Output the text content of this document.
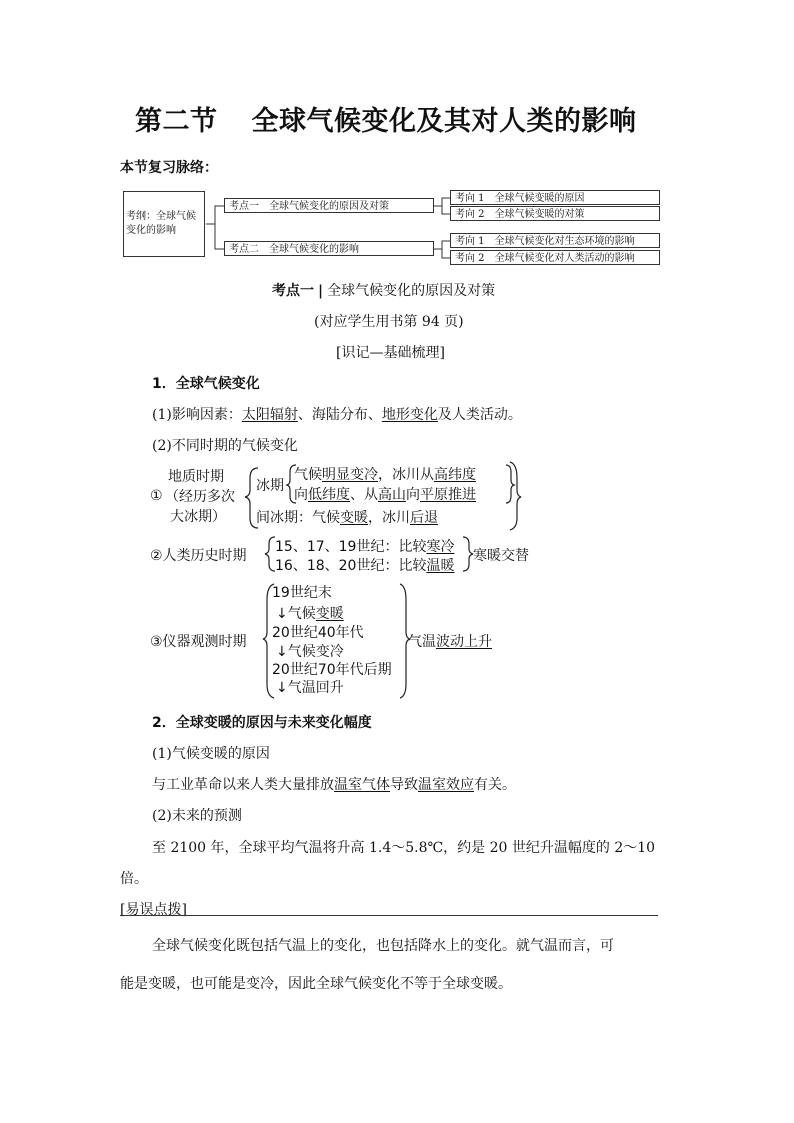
第二节 全球气候变化及其对人类的影响
本节复习脉络：
考纲：全球气候
变化的影响
考点一　全球气候变化的原因及对策
考点二　全球气候变化的影响
考向 1　全球气候变暖的原因
考向 2　全球气候变暖的对策
考向 1　全球气候变化对生态环境的影响
考向 2　全球气候变化对人类活动的影响
考点一 | 全球气候变化的原因及对策
(对应学生用书第 94 页)
[识记—基础梳理]
1．全球气候变化
(1)影响因素：太阳辐射、海陆分布、地形变化及人类活动。
(2)不同时期的气候变化
①
地质时期
（经历多次
大冰期）
冰期
气候明显变冷，冰川从高纬度
向低纬度、从高山向平原推进
间冰期：气候变暖，冰川后退
②人类历史时期
15、17、19世纪：比较寒冷
16、18、20世纪：比较温暖
寒暖交替
③仪器观测时期
19世纪末
↓气候变暖
20世纪40年代
↓气候变冷
20世纪70年代后期
↓气温回升
气温波动上升
2．全球变暖的原因与未来变化幅度
(1)气候变暖的原因
与工业革命以来人类大量排放温室气体导致温室效应有关。
(2)未来的预测
至 2100 年，全球平均气温将升高 1.4～5.8℃，约是 20 世纪升温幅度的 2～10
倍。
[易误点拨]
全球气候变化既包括气温上的变化，也包括降水上的变化。就气温而言，可
能是变暖，也可能是变冷，因此全球气候变化不等于全球变暖。
